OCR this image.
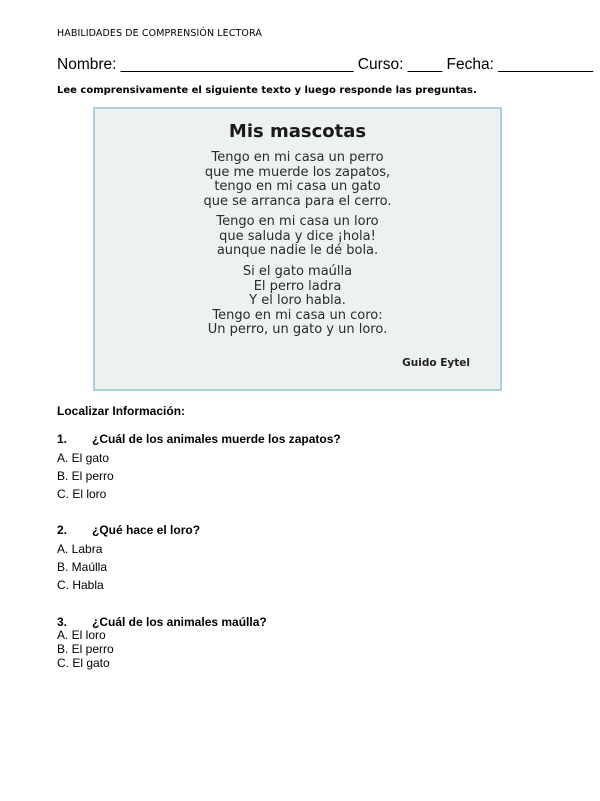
HABILIDADES DE COMPRENSIÓN LECTORA
Nombre: ___________________________ Curso: ____ Fecha: ___________
Lee comprensivamente el siguiente texto y luego responde las preguntas.
Mis mascotas
Tengo en mi casa un perro
que me muerde los zapatos,
tengo en mi casa un gato
que se arranca para el cerro.
Tengo en mi casa un loro
que saluda y dice ¡hola!
aunque nadie le dé bola.
Si el gato maúlla
El perro ladra
Y el loro habla.
Tengo en mi casa un coro:
Un perro, un gato y un loro.
Guido Eytel
Localizar Información:
1. ¿Cuál de los animales muerde los zapatos?
A. El gato
B. El perro
C. El loro
2. ¿Qué hace el loro?
A. Labra
B. Maúlla
C. Habla
3. ¿Cuál de los animales maúlla?
A. El loro
B. El perro
C. El gato
